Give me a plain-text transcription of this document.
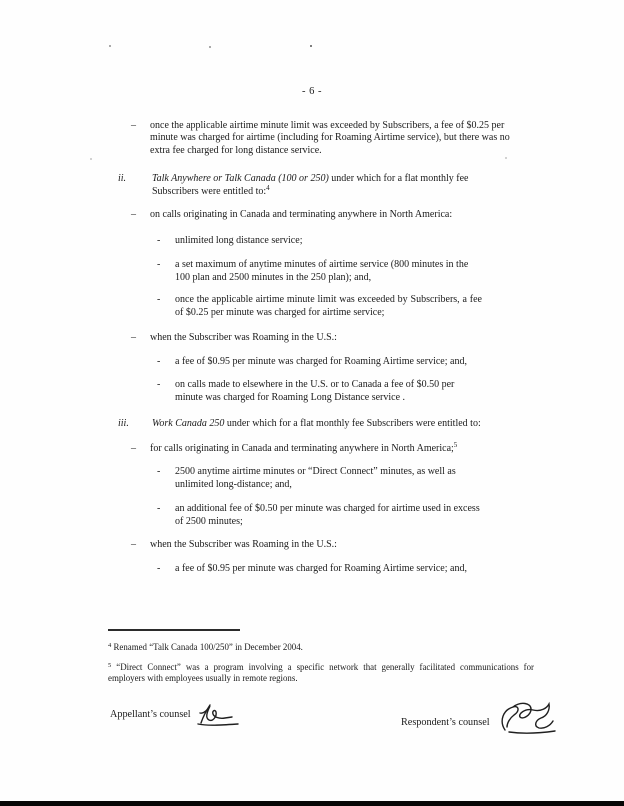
- 6 -
– once the applicable airtime minute limit was exceeded by Subscribers, a fee of $0.25 per minute was charged for airtime (including for Roaming Airtime service), but there was no extra fee charged for long distance service.
ii.	Talk Anywhere or Talk Canada (100 or 250) under which for a flat monthly fee Subscribers were entitled to:$^4$
– on calls originating in Canada and terminating anywhere in North America:
- unlimited long distance service;
- a set maximum of anytime minutes of airtime service (800 minutes in the 100 plan and 2500 minutes in the 250 plan); and,
- once the applicable airtime minute limit was exceeded by Subscribers, a fee of $0.25 per minute was charged for airtime service;
– when the Subscriber was Roaming in the U.S.:
- a fee of $0.95 per minute was charged for Roaming Airtime service; and,
- on calls made to elsewhere in the U.S. or to Canada a fee of $0.50 per minute was charged for Roaming Long Distance service .
iii. Work Canada 250 under which for a flat monthly fee Subscribers were entitled to:
– for calls originating in Canada and terminating anywhere in North America;$^5$
- 2500 anytime airtime minutes or “Direct Connect” minutes, as well as unlimited long-distance; and,
- an additional fee of $0.50 per minute was charged for airtime used in excess of 2500 minutes;
– when the Subscriber was Roaming in the U.S.:
- a fee of $0.95 per minute was charged for Roaming Airtime service; and,
$^4$ Renamed “Talk Canada 100/250” in December 2004.
$^5$ “Direct Connect” was a program involving a specific network that generally facilitated communications for employers with employees usually in remote regions.
Appellant’s counsel
Respondent’s counsel
